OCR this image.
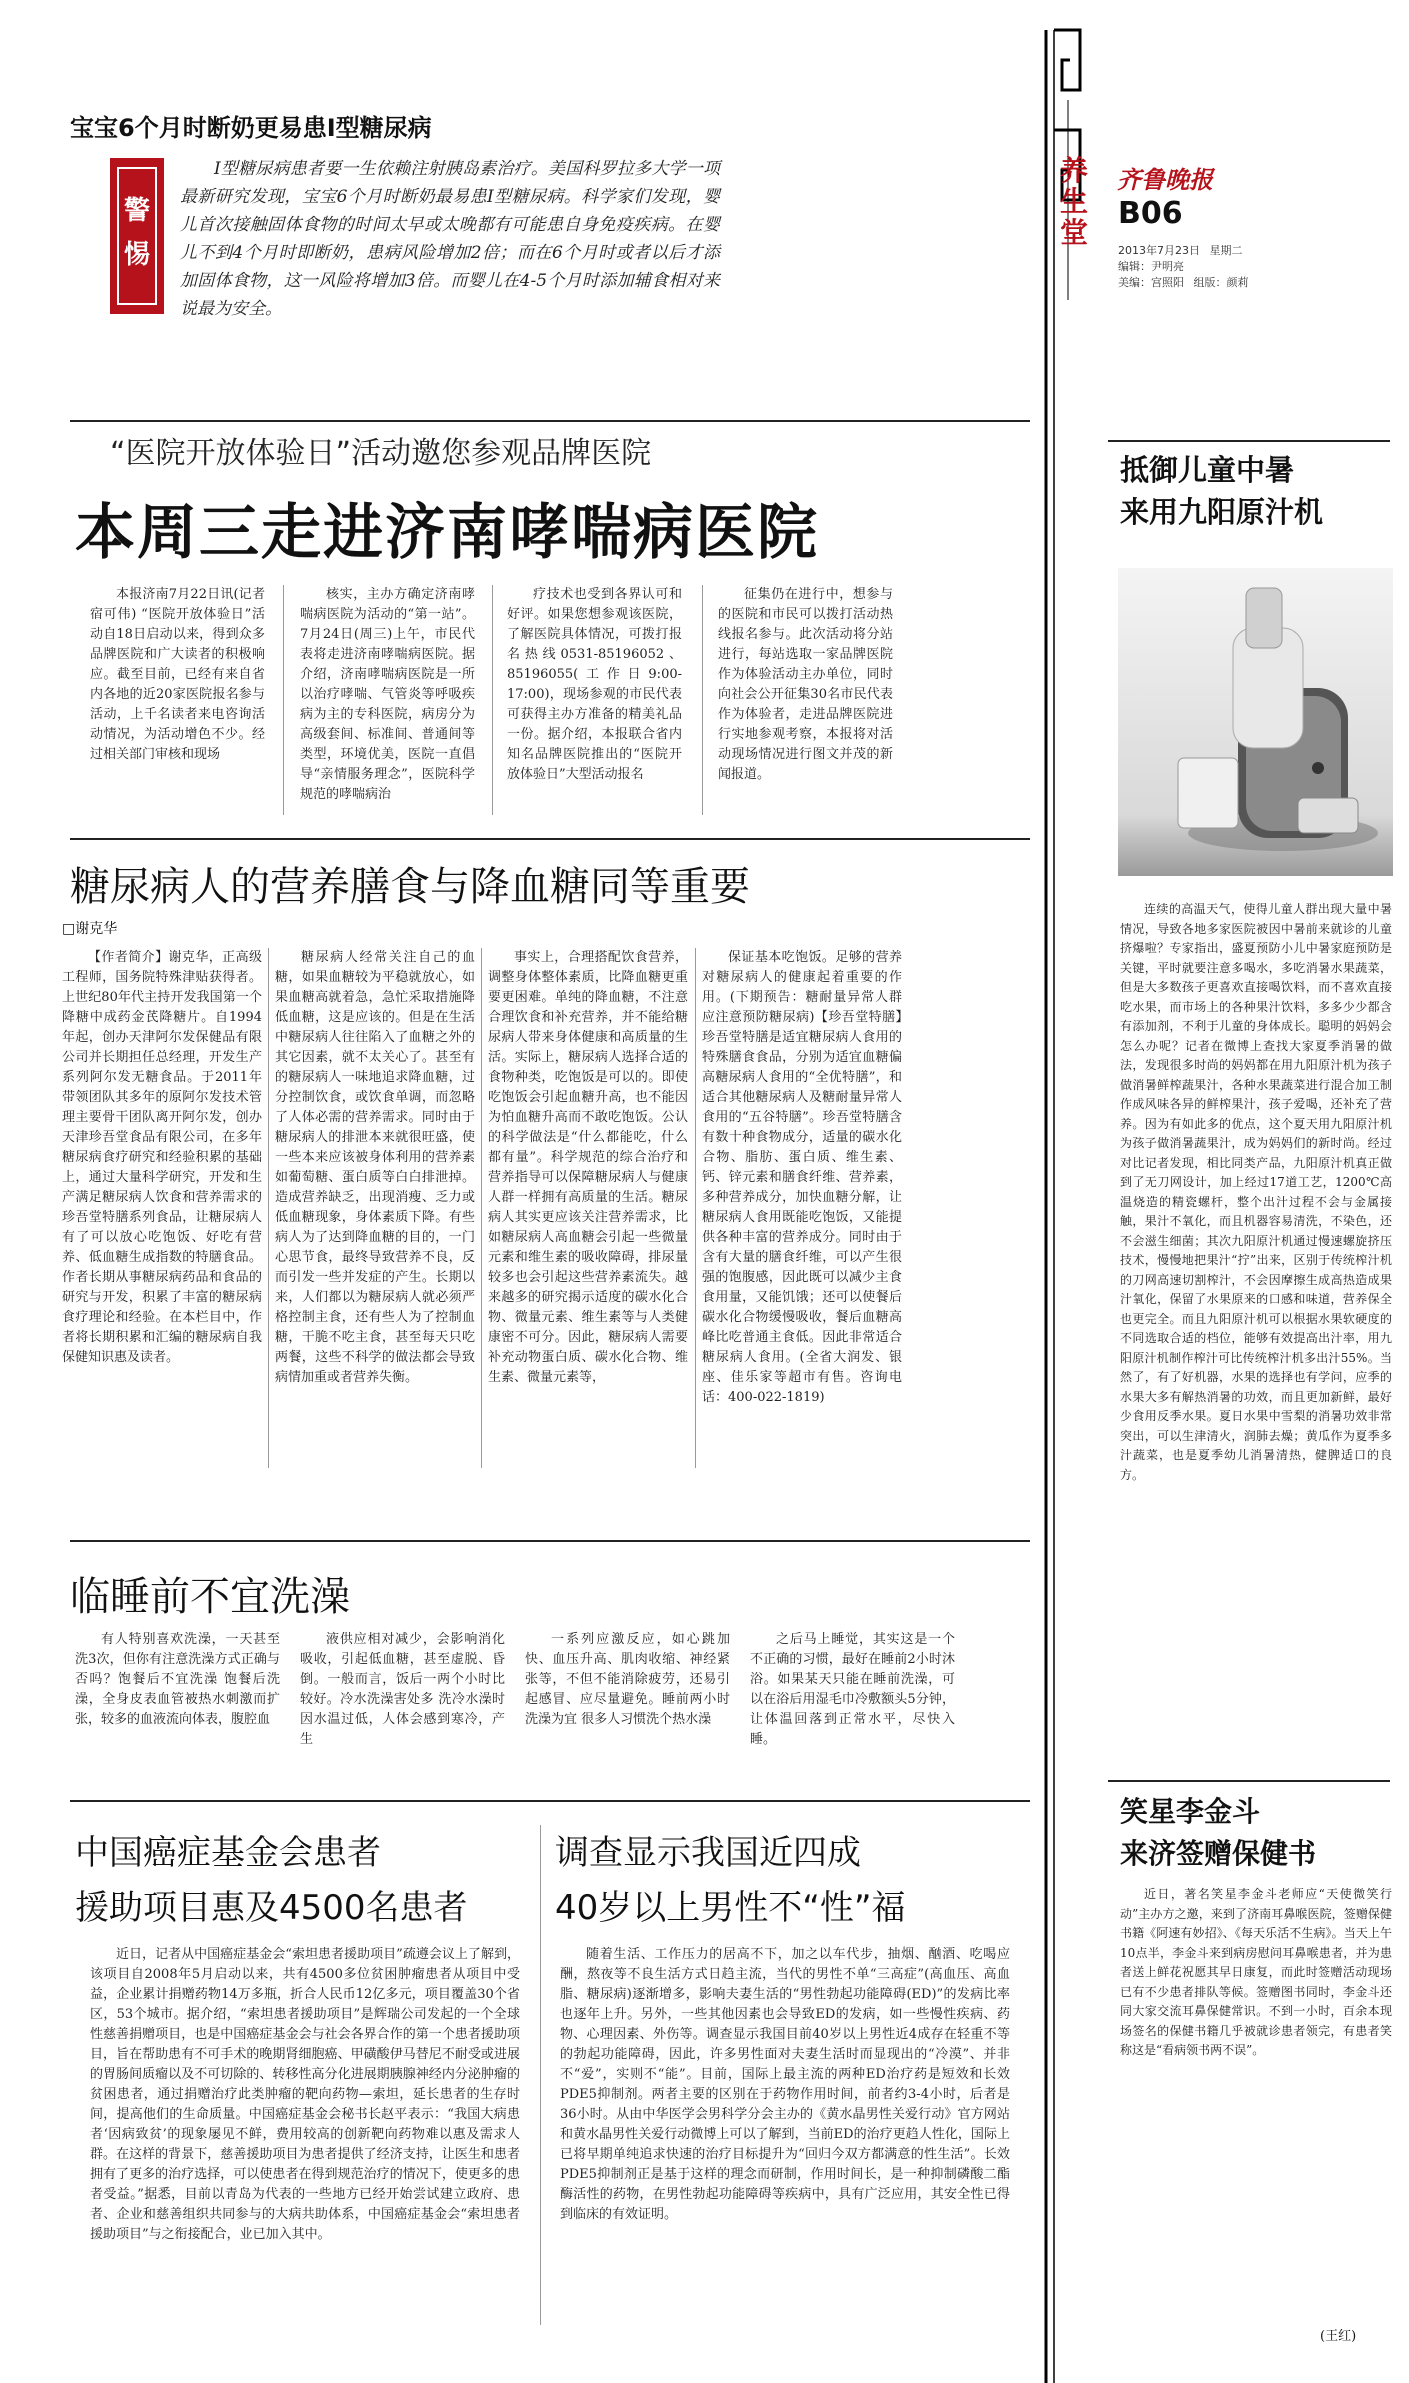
养生堂
齐鲁晚报
B06
2013年7月23日 星期二
编辑：尹明亮
美编：宫照阳 组版：颜莉
宝宝6个月时断奶更易患I型糖尿病
警惕
I型糖尿病患者要一生依赖注射胰岛素治疗。美国科罗拉多大学一项最新研究发现，宝宝6个月时断奶最易患I型糖尿病。科学家们发现，婴儿首次接触固体食物的时间太早或太晚都有可能患自身免疫疾病。在婴儿不到4个月时即断奶，患病风险增加2倍；而在6个月时或者以后才添加固体食物，这一风险将增加3倍。而婴儿在4-5个月时添加辅食相对来说最为安全。
“医院开放体验日”活动邀您参观品牌医院
本周三走进济南哮喘病医院
本报济南7月22日讯(记者 宿可伟) “医院开放体验日”活动自18日启动以来，得到众多品牌医院和广大读者的积极响应。截至目前，已经有来自省内各地的近20家医院报名参与活动，上千名读者来电咨询活动情况，为活动增色不少。经过相关部门审核和现场
核实，主办方确定济南哮喘病医院为活动的“第一站”。7月24日(周三)上午，市民代表将走进济南哮喘病医院。据介绍，济南哮喘病医院是一所以治疗哮喘、气管炎等呼吸疾病为主的专科医院，病房分为高级套间、标准间、普通间等类型，环境优美，医院一直倡导“亲情服务理念”，医院科学规范的哮喘病治
疗技术也受到各界认可和好评。如果您想参观该医院，了解医院具体情况，可拨打报名热线0531-85196052、85196055(工作日9:00-17:00)，现场参观的市民代表可获得主办方准备的精美礼品一份。据介绍，本报联合省内知名品牌医院推出的“医院开放体验日”大型活动报名
征集仍在进行中，想参与的医院和市民可以拨打活动热线报名参与。此次活动将分站进行，每站选取一家品牌医院作为体验活动主办单位，同时向社会公开征集30名市民代表作为体验者，走进品牌医院进行实地参观考察，本报将对活动现场情况进行图文并茂的新闻报道。
糖尿病人的营养膳食与降血糖同等重要
□谢克华
【作者简介】谢克华，正高级工程师，国务院特殊津贴获得者。上世纪80年代主持开发我国第一个降糖中成药金芪降糖片。自1994年起，创办天津阿尔发保健品有限公司并长期担任总经理，开发生产系列阿尔发无糖食品。于2011年带领团队其多年的原阿尔发技术管理主要骨干团队离开阿尔发，创办天津珍吾堂食品有限公司，在多年糖尿病食疗研究和经验积累的基础上，通过大量科学研究，开发和生产满足糖尿病人饮食和营养需求的珍吾堂特膳系列食品，让糖尿病人有了可以放心吃饱饭、好吃有营养、低血糖生成指数的特膳食品。作者长期从事糖尿病药品和食品的研究与开发，积累了丰富的糖尿病食疗理论和经验。在本栏目中，作者将长期积累和汇编的糖尿病自我保健知识惠及读者。
糖尿病人经常关注自己的血糖，如果血糖较为平稳就放心，如果血糖高就着急，急忙采取措施降低血糖，这是应该的。但是在生活中糖尿病人往往陷入了血糖之外的其它因素，就不太关心了。甚至有的糖尿病人一味地追求降血糖，过分控制饮食，或饮食单调，而忽略了人体必需的营养需求。同时由于糖尿病人的排泄本来就很旺盛，使一些本来应该被身体利用的营养素如葡萄糖、蛋白质等白白排泄掉。造成营养缺乏，出现消瘦、乏力或低血糖现象，身体素质下降。有些病人为了达到降血糖的目的，一门心思节食，最终导致营养不良，反而引发一些并发症的产生。长期以来，人们都以为糖尿病人就必须严格控制主食，还有些人为了控制血糖，干脆不吃主食，甚至每天只吃两餐，这些不科学的做法都会导致病情加重或者营养失衡。
事实上，合理搭配饮食营养，调整身体整体素质，比降血糖更重要更困难。单纯的降血糖，不注意合理饮食和补充营养，并不能给糖尿病人带来身体健康和高质量的生活。实际上，糖尿病人选择合适的食物种类，吃饱饭是可以的。即使吃饱饭会引起血糖升高，也不能因为怕血糖升高而不敢吃饱饭。公认的科学做法是“什么都能吃，什么都有量”。科学规范的综合治疗和营养指导可以保障糖尿病人与健康人群一样拥有高质量的生活。糖尿病人其实更应该关注营养需求，比如糖尿病人高血糖会引起一些微量元素和维生素的吸收障碍，排尿量较多也会引起这些营养素流失。越来越多的研究揭示适度的碳水化合物、微量元素、维生素等与人类健康密不可分。因此，糖尿病人需要补充动物蛋白质、碳水化合物、维生素、微量元素等，
保证基本吃饱饭。足够的营养对糖尿病人的健康起着重要的作用。(下期预告：糖耐量异常人群应注意预防糖尿病)【珍吾堂特膳】珍吾堂特膳是适宜糖尿病人食用的特殊膳食食品，分别为适宜血糖偏高糖尿病人食用的“全优特膳”，和适合其他糖尿病人及糖耐量异常人食用的“五谷特膳”。珍吾堂特膳含有数十种食物成分，适量的碳水化合物、脂肪、蛋白质、维生素、钙、锌元素和膳食纤维、营养素，多种营养成分，加快血糖分解，让糖尿病人食用既能吃饱饭，又能提供各种丰富的营养成分。同时由于含有大量的膳食纤维，可以产生很强的饱腹感，因此既可以减少主食食用量，又能饥饿；还可以使餐后碳水化合物缓慢吸收，餐后血糖高峰比吃普通主食低。因此非常适合糖尿病人食用。(全省大润发、银座、佳乐家等超市有售。咨询电话：400-022-1819)
临睡前不宜洗澡
有人特别喜欢洗澡，一天甚至洗3次，但你有注意洗澡方式正确与否吗？饱餐后不宜洗澡 饱餐后洗澡，全身皮表血管被热水刺激而扩张，较多的血液流向体表，腹腔血
液供应相对减少，会影响消化吸收，引起低血糖，甚至虚脱、昏倒。一般而言，饭后一两个小时比较好。冷水洗澡害处多 洗冷水澡时因水温过低，人体会感到寒冷，产生
一系列应激反应，如心跳加快、血压升高、肌肉收缩、神经紧张等，不但不能消除疲劳，还易引起感冒、应尽量避免。睡前两小时洗澡为宜 很多人习惯洗个热水澡
之后马上睡觉，其实这是一个不正确的习惯，最好在睡前2小时沐浴。如果某天只能在睡前洗澡，可以在浴后用湿毛巾冷敷额头5分钟，让体温回落到正常水平，尽快入睡。
中国癌症基金会患者
援助项目惠及4500名患者
近日，记者从中国癌症基金会“索坦患者援助项目”疏遵会议上了解到，该项目自2008年5月启动以来，共有4500多位贫困肿瘤患者从项目中受益，企业累计捐赠药物14万多瓶，折合人民币12亿多元，项目覆盖30个省区，53个城市。据介绍，“索坦患者援助项目”是辉瑞公司发起的一个全球性慈善捐赠项目，也是中国癌症基金会与社会各界合作的第一个患者援助项目，旨在帮助患有不可手术的晚期肾细胞癌、甲磺酸伊马替尼不耐受或进展的胃肠间质瘤以及不可切除的、转移性高分化进展期胰腺神经内分泌肿瘤的贫困患者，通过捐赠治疗此类肿瘤的靶向药物—索坦，延长患者的生存时间，提高他们的生命质量。中国癌症基金会秘书长赵平表示：“我国大病患者‘因病致贫’的现象屡见不鲜，费用较高的创新靶向药物难以惠及需求人群。在这样的背景下，慈善援助项目为患者提供了经济支持，让医生和患者拥有了更多的治疗选择，可以使患者在得到规范治疗的情况下，使更多的患者受益。”据悉，目前以青岛为代表的一些地方已经开始尝试建立政府、患者、企业和慈善组织共同参与的大病共助体系，中国癌症基金会“索坦患者援助项目”与之衔接配合，业已加入其中。
调查显示我国近四成
40岁以上男性不“性”福
随着生活、工作压力的居高不下，加之以车代步，抽烟、酗酒、吃喝应酬，熬夜等不良生活方式日趋主流，当代的男性不单“三高症”(高血压、高血脂、糖尿病)逐渐增多，影响夫妻生活的“男性勃起功能障碍(ED)”的发病比率也逐年上升。另外，一些其他因素也会导致ED的发病，如一些慢性疾病、药物、心理因素、外伤等。调查显示我国目前40岁以上男性近4成存在轻重不等的勃起功能障碍，因此，许多男性面对夫妻生活时而显现出的“冷漠”、并非不“爱”，实则不“能”。目前，国际上最主流的两种ED治疗药是短效和长效PDE5抑制剂。两者主要的区别在于药物作用时间，前者约3-4小时，后者是36小时。从由中华医学会男科学分会主办的《黄水晶男性关爱行动》官方网站和黄水晶男性关爱行动微博上可以了解到，当前ED的治疗更趋人性化，国际上已将早期单纯追求快速的治疗目标提升为“回归今双方都满意的性生活”。长效PDE5抑制剂正是基于这样的理念而研制，作用时间长，是一种抑制磷酸二酯酶活性的药物，在男性勃起功能障碍等疾病中，具有广泛应用，其安全性已得到临床的有效证明。
抵御儿童中暑
来用九阳原汁机
连续的高温天气，使得儿童人群出现大量中暑情况，导致各地多家医院被因中暑前来就诊的儿童挤爆啦？专家指出，盛夏预防小儿中暑家庭预防是关键，平时就要注意多喝水，多吃消暑水果蔬菜，但是大多数孩子更喜欢直接喝饮料，而不喜欢直接吃水果，而市场上的各种果汁饮料，多多少少都含有添加剂，不利于儿童的身体成长。聪明的妈妈会怎么办呢？记者在微博上查找大家夏季消暑的做法，发现很多时尚的妈妈都在用九阳原汁机为孩子做消暑鲜榨蔬果汁，各种水果蔬菜进行混合加工制作成风味各异的鲜榨果汁，孩子爱喝，还补充了营养。因为有如此多的优点，这个夏天用九阳原汁机为孩子做消暑蔬果汁，成为妈妈们的新时尚。经过对比记者发现，相比同类产品，九阳原汁机真正做到了无刀网设计，加上经过17道工艺，1200℃高温烧造的精瓷螺杆，整个出汁过程不会与金属接触，果汁不氧化，而且机器容易清洗，不染色，还不会滋生细菌；其次九阳原汁机通过慢速螺旋挤压技术，慢慢地把果汁“拧”出来，区别于传统榨汁机的刀网高速切割榨汁，不会因摩擦生成高热造成果汁氧化，保留了水果原来的口感和味道，营养保全也更完全。而且九阳原汁机可以根据水果软硬度的不同选取合适的档位，能够有效提高出汁率，用九阳原汁机制作榨汁可比传统榨汁机多出汁55%。当然了，有了好机器，水果的选择也有学问，应季的水果大多有解热消暑的功效，而且更加新鲜，最好少食用反季水果。夏日水果中雪梨的消暑功效非常突出，可以生津清火，润肺去燥；黄瓜作为夏季多汁蔬菜，也是夏季幼儿消暑清热，健脾适口的良方。
笑星李金斗
来济签赠保健书
近日，著名笑星李金斗老师应“天使微笑行动”主办方之邀，来到了济南耳鼻喉医院，签赠保健书籍《阿速有妙招》、《每天乐活不生病》。当天上午10点半，李金斗来到病房慰问耳鼻喉患者，并为患者送上鲜花祝愿其早日康复，而此时签赠活动现场已有不少患者排队等候。签赠图书同时，李金斗还同大家交流耳鼻保健常识。不到一小时，百余本现场签名的保健书籍几乎被就诊患者领完，有患者笑称这是“看病领书两不误”。
(王红)
